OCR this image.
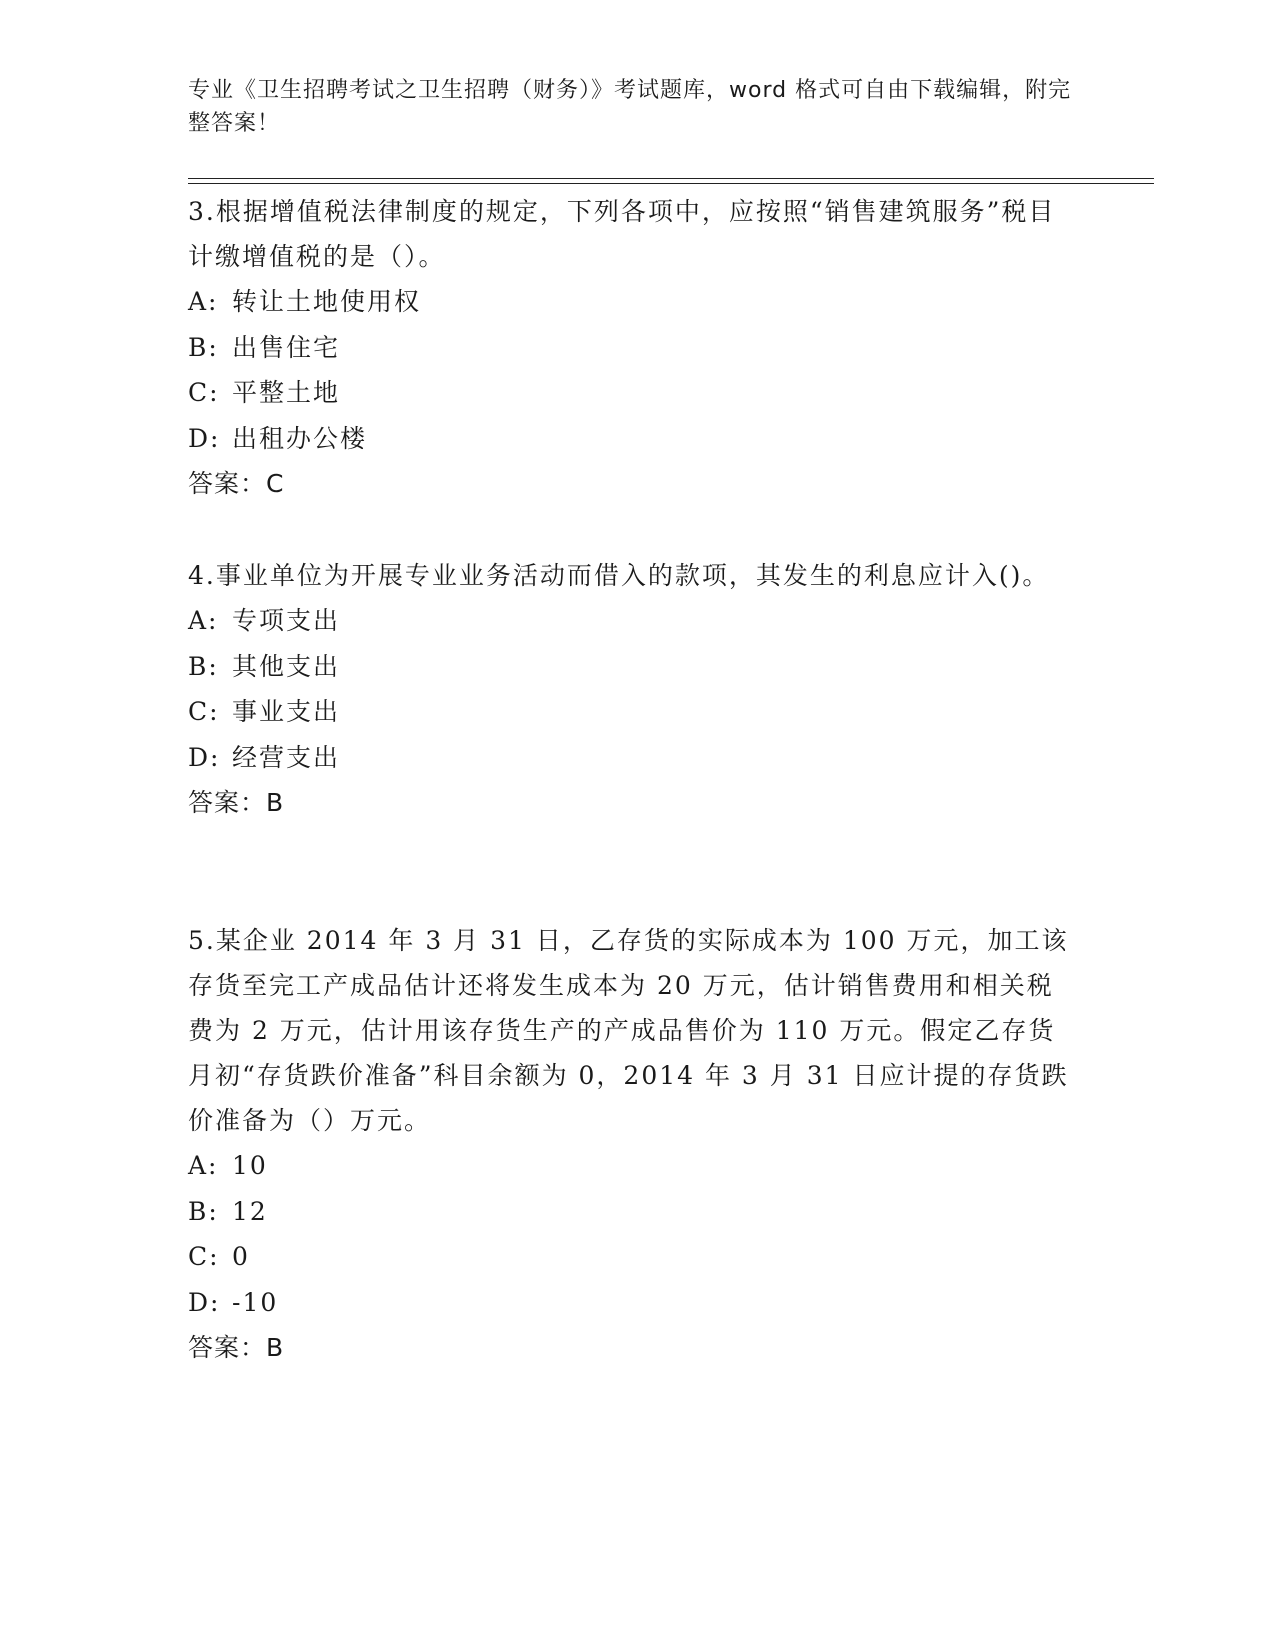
专业《卫生招聘考试之卫生招聘（财务）》考试题库，word 格式可自由下载编辑，附完整答案！

3.根据增值税法律制度的规定，下列各项中，应按照“销售建筑服务”税目计缴增值税的是（）。

A: 转让土地使用权
B: 出售住宅
C: 平整土地
D: 出租办公楼
答案：C

4.事业单位为开展专业业务活动而借入的款项，其发生的利息应计入()。

A: 专项支出
B: 其他支出
C: 事业支出
D: 经营支出
答案：B

5.某企业 2014 年 3 月 31 日，乙存货的实际成本为 100 万元，加工该存货至完工产成品估计还将发生成本为 20 万元，估计销售费用和相关税费为 2 万元，估计用该存货生产的产成品售价为 110 万元。假定乙存货月初“存货跌价准备”科目余额为 0，2014 年 3 月 31 日应计提的存货跌价准备为（）万元。

A: 10
B: 12
C: 0
D: -10
答案：B
